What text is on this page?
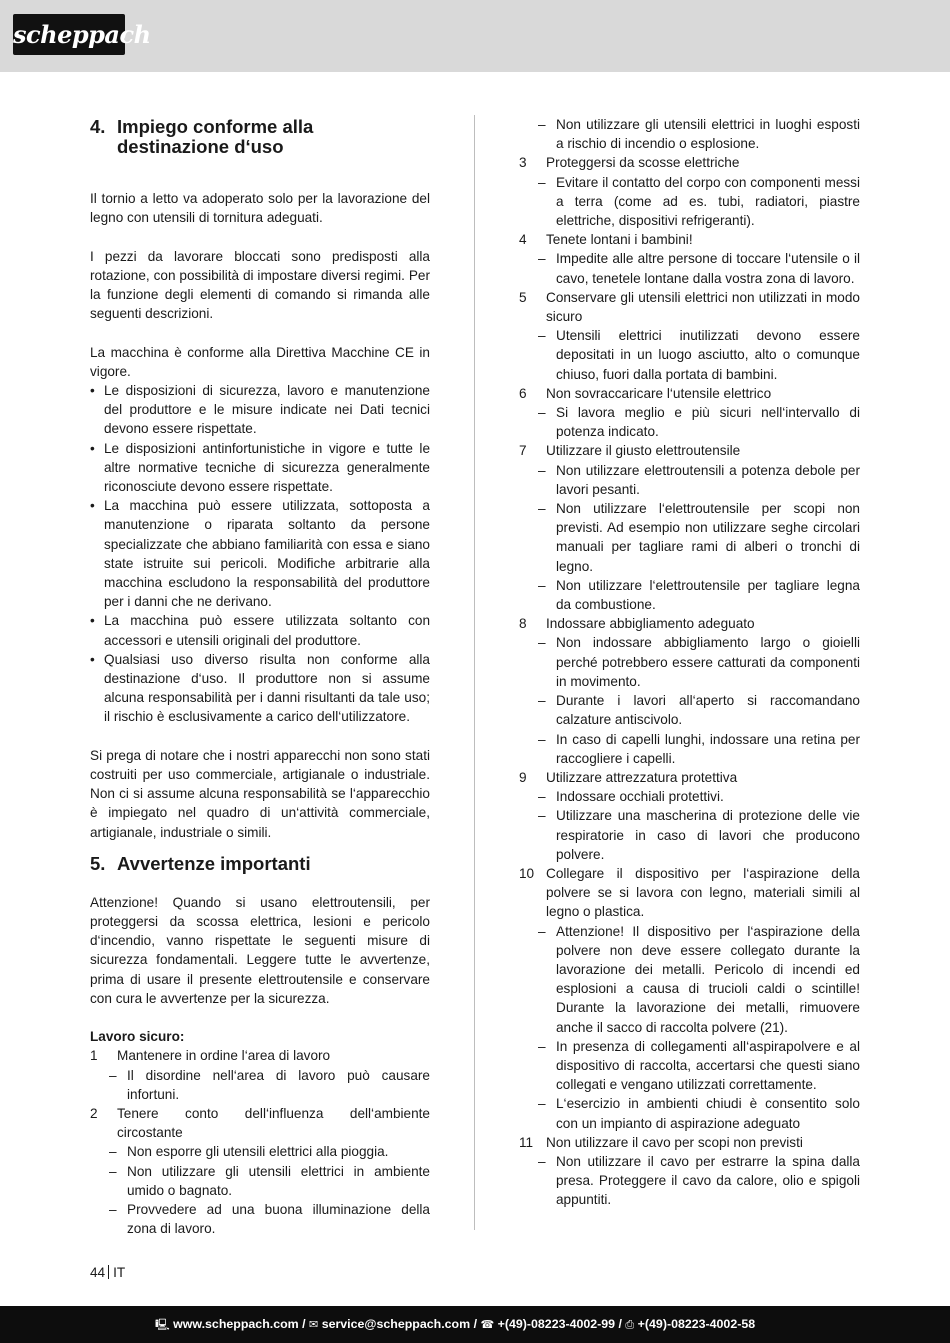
scheppach
4. Impiego conforme alla destinazione d‘uso

Il tornio a letto va adoperato solo per la lavorazione del legno con utensili di tornitura adeguati.

I pezzi da lavorare bloccati sono predisposti alla rotazione, con possibilità di impostare diversi regimi. Per la funzione degli elementi di comando si rimanda alle seguenti descrizioni.

La macchina è conforme alla Direttiva Macchine CE in vigore.

• Le disposizioni di sicurezza, lavoro e manutenzione del produttore e le misure indicate nei Dati tecnici devono essere rispettate.
• Le disposizioni antinfortunistiche in vigore e tutte le altre normative tecniche di sicurezza generalmente riconosciute devono essere rispettate.
• La macchina può essere utilizzata, sottoposta a manutenzione o riparata soltanto da persone specializzate che abbiano familiarità con essa e siano state istruite sui pericoli. Modifiche arbitrarie alla macchina escludono la responsabilità del produttore per i danni che ne derivano.
• La macchina può essere utilizzata soltanto con accessori e utensili originali del produttore.
• Qualsiasi uso diverso risulta non conforme alla destinazione d‘uso. Il produttore non si assume alcuna responsabilità per i danni risultanti da tale uso; il rischio è esclusivamente a carico dell‘utilizzatore.

Si prega di notare che i nostri apparecchi non sono stati costruiti per uso commerciale, artigianale o industriale. Non ci si assume alcuna responsabilità se l‘apparecchio è impiegato nel quadro di un‘attività commerciale, artigianale, industriale o simili.

5. Avvertenze importanti

Attenzione! Quando si usano elettroutensili, per proteggersi da scossa elettrica, lesioni e pericolo d‘incendio, vanno rispettate le seguenti misure di sicurezza fondamentali. Leggere tutte le avvertenze, prima di usare il presente elettroutensile e conservare con cura le avvertenze per la sicurezza.

Lavoro sicuro:
1	Mantenere in ordine l‘area di lavoro
– Il disordine nell‘area di lavoro può causare infortuni.
2	Tenere conto dell‘influenza dell‘ambiente circostante
– Non esporre gli utensili elettrici alla pioggia.
– Non utilizzare gli utensili elettrici in ambiente umido o bagnato.
– Provvedere ad una buona illuminazione della zona di lavoro.
– Non utilizzare gli utensili elettrici in luoghi esposti a rischio di incendio o esplosione.
3	Proteggersi da scosse elettriche
– Evitare il contatto del corpo con componenti messi a terra (come ad es. tubi, radiatori, piastre elettriche, dispositivi refrigeranti).
4	Tenete lontani i bambini!
– Impedite alle altre persone di toccare l‘utensile o il cavo, tenetele lontane dalla vostra zona di lavoro.
5	Conservare gli utensili elettrici non utilizzati in modo sicuro
– Utensili elettrici inutilizzati devono essere depositati in un luogo asciutto, alto o comunque chiuso, fuori dalla portata di bambini.
6	Non sovraccaricare l‘utensile elettrico
– Si lavora meglio e più sicuri nell‘intervallo di potenza indicato.
7	Utilizzare il giusto elettroutensile
– Non utilizzare elettroutensili a potenza debole per lavori pesanti.
– Non utilizzare l‘elettroutensile per scopi non previsti. Ad esempio non utilizzare seghe circolari manuali per tagliare rami di alberi o tronchi di legno.
– Non utilizzare l‘elettroutensile per tagliare legna da combustione.
8	Indossare abbigliamento adeguato
– Non indossare abbigliamento largo o gioielli perché potrebbero essere catturati da componenti in movimento.
– Durante i lavori all‘aperto si raccomandano calzature antiscivolo.
– In caso di capelli lunghi, indossare una retina per raccogliere i capelli.
9	Utilizzare attrezzatura protettiva
– Indossare occhiali protettivi.
– Utilizzare una mascherina di protezione delle vie respiratorie in caso di lavori che producono polvere.
10 Collegare il dispositivo per l‘aspirazione della polvere se si lavora con legno, materiali simili al legno o plastica.
– Attenzione! Il dispositivo per l‘aspirazione della polvere non deve essere collegato durante la lavorazione dei metalli. Pericolo di incendi ed esplosioni a causa di trucioli caldi o scintille! Durante la lavorazione dei metalli, rimuovere anche il sacco di raccolta polvere (21).
– In presenza di collegamenti all‘aspirapolvere e al dispositivo di raccolta, accertarsi che questi siano collegati e vengano utilizzati correttamente.
– L‘esercizio in ambienti chiudi è consentito solo con un impianto di aspirazione adeguato
11 Non utilizzare il cavo per scopi non previsti
– Non utilizzare il cavo per estrarre la spina dalla presa. Proteggere il cavo da calore, olio e spigoli appuntiti.
44 IT
🖳 www.scheppach.com / ✉ service@scheppach.com / ☎ +(49)-08223-4002-99 / ⎙ +(49)-08223-4002-58
